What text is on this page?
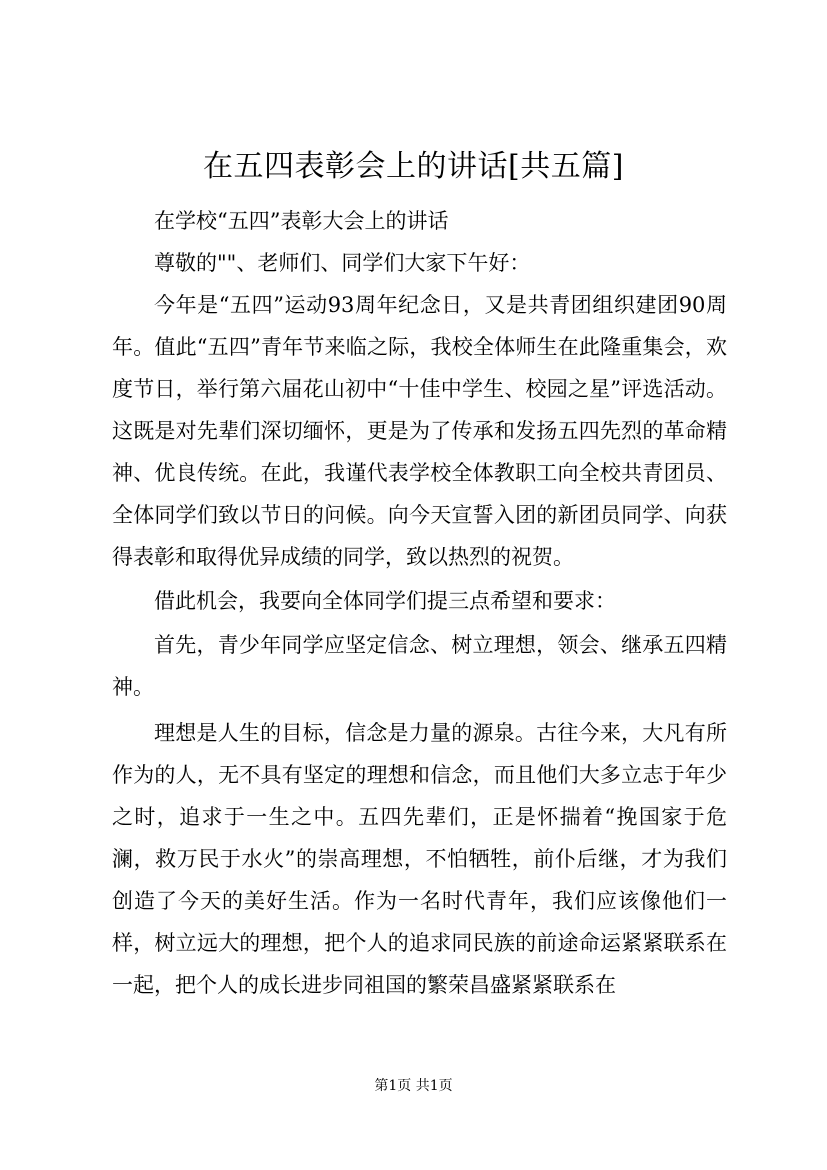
在五四表彰会上的讲话[共五篇]

在学校“五四”表彰大会上的讲话

尊敬的""、老师们、同学们大家下午好：

今年是“五四”运动93周年纪念日，又是共青团组织建团90周年。值此“五四”青年节来临之际，我校全体师生在此隆重集会，欢度节日，举行第六届花山初中“十佳中学生、校园之星”评选活动。这既是对先辈们深切缅怀，更是为了传承和发扬五四先烈的革命精神、优良传统。在此，我谨代表学校全体教职工向全校共青团员、全体同学们致以节日的问候。向今天宣誓入团的新团员同学、向获得表彰和取得优异成绩的同学，致以热烈的祝贺。

借此机会，我要向全体同学们提三点希望和要求：

首先，青少年同学应坚定信念、树立理想，领会、继承五四精神。

理想是人生的目标，信念是力量的源泉。古往今来，大凡有所作为的人，无不具有坚定的理想和信念，而且他们大多立志于年少之时，追求于一生之中。五四先辈们，正是怀揣着“挽国家于危澜，救万民于水火”的崇高理想，不怕牺牲，前仆后继，才为我们创造了今天的美好生活。作为一名时代青年，我们应该像他们一样，树立远大的理想，把个人的追求同民族的前途命运紧紧联系在一起，把个人的成长进步同祖国的繁荣昌盛紧紧联系在

第1页 共1页
